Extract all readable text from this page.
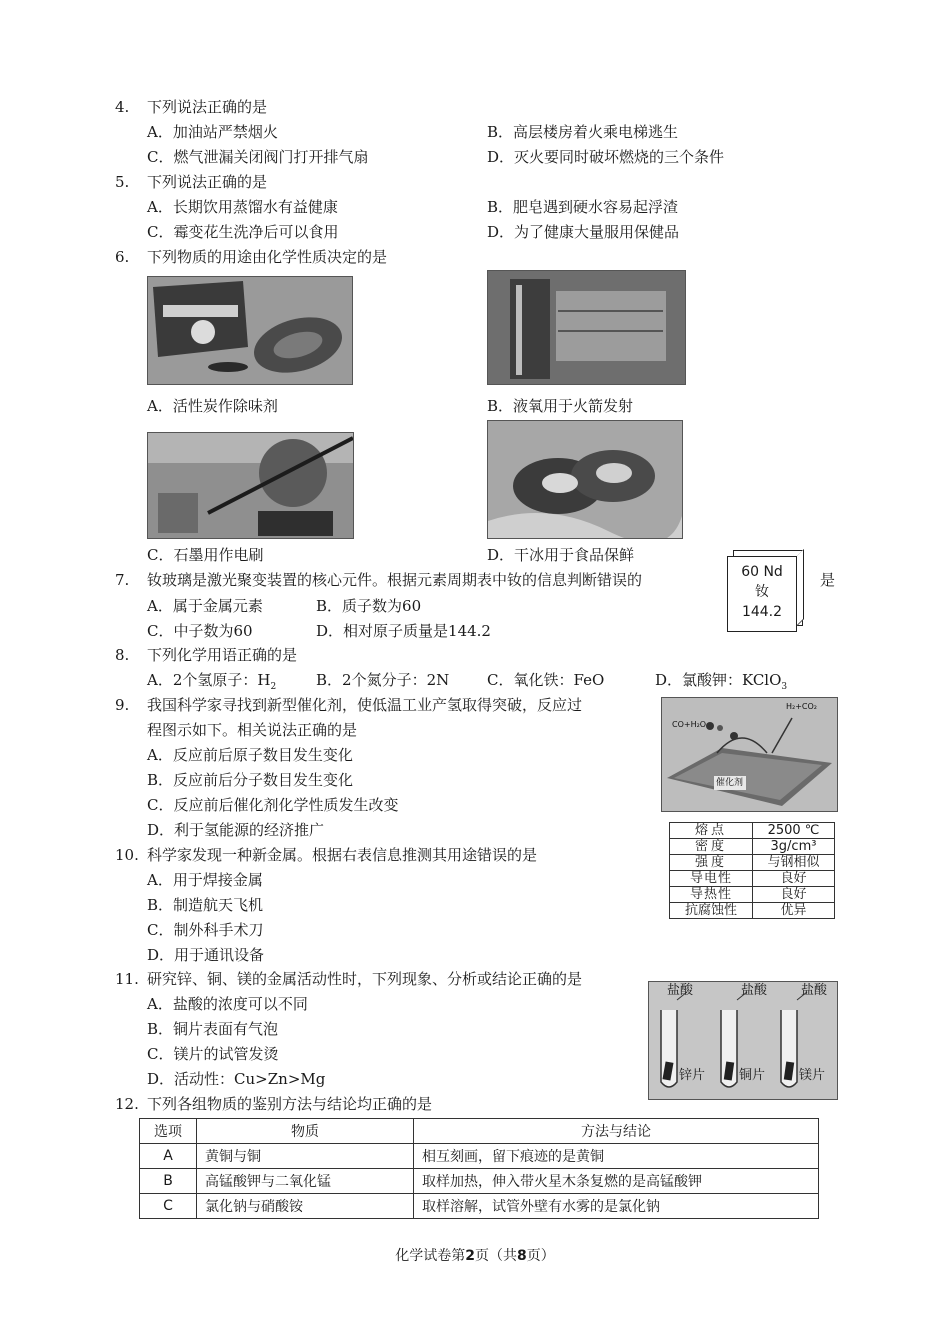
4. 下列说法正确的是
A．加油站严禁烟火	B．高层楼房着火乘电梯逃生
C．燃气泄漏关闭阀门打开排气扇	D．灭火要同时破坏燃烧的三个条件
5. 下列说法正确的是
A．长期饮用蒸馏水有益健康	B．肥皂遇到硬水容易起浮渣
C．霉变花生洗净后可以食用	D．为了健康大量服用保健品
6. 下列物质的用途由化学性质决定的是
A．活性炭作除味剂	B．液氧用于火箭发射
C．石墨用作电刷	D．干冰用于食品保鲜
7. 钕玻璃是激光聚变装置的核心元件。根据元素周期表中钕的信息判断错误的	是
60 Nd
钕
144.2
A．属于金属元素	B．质子数为60
C．中子数为60	D．相对原子质量是144.2
8. 下列化学用语正确的是
A．2个氢原子：$H_2$	B．2个氮分子：2N	C．氧化铁：FeO	D．氯酸钾：KClO$_3$
9. 我国科学家寻找到新型催化剂，使低温工业产氢取得突破，反应过
程图示如下。相关说法正确的是
A．反应前后原子数目发生变化
B．反应前后分子数目发生变化
C．反应前后催化剂化学性质发生改变
D．利于氢能源的经济推广
CO+H₂O
H₂+CO₂
催化剂
10. 科学家发现一种新金属。根据右表信息推测其用途错误的是
A．用于焊接金属
B．制造航天飞机
C．制外科手术刀
D．用于通讯设备
熔点	2500 ℃
密度	3g/cm³
强度	与钢相似
导电性	良好
导热性	良好
抗腐蚀性	优异
11. 研究锌、铜、镁的金属活动性时，下列现象、分析或结论正确的是
A．盐酸的浓度可以不同
B．铜片表面有气泡
C．镁片的试管发烫
D．活动性：Cu>Zn>Mg
盐酸	盐酸	盐酸
锌片	铜片	镁片
12. 下列各组物质的鉴别方法与结论均正确的是
选项	物质	方法与结论
A	黄铜与铜	相互刻画，留下痕迹的是黄铜
B	高锰酸钾与二氧化锰	取样加热，伸入带火星木条复燃的是高锰酸钾
C	氯化钠与硝酸铵	取样溶解，试管外壁有水雾的是氯化钠
化学试卷第2页（共8页）
